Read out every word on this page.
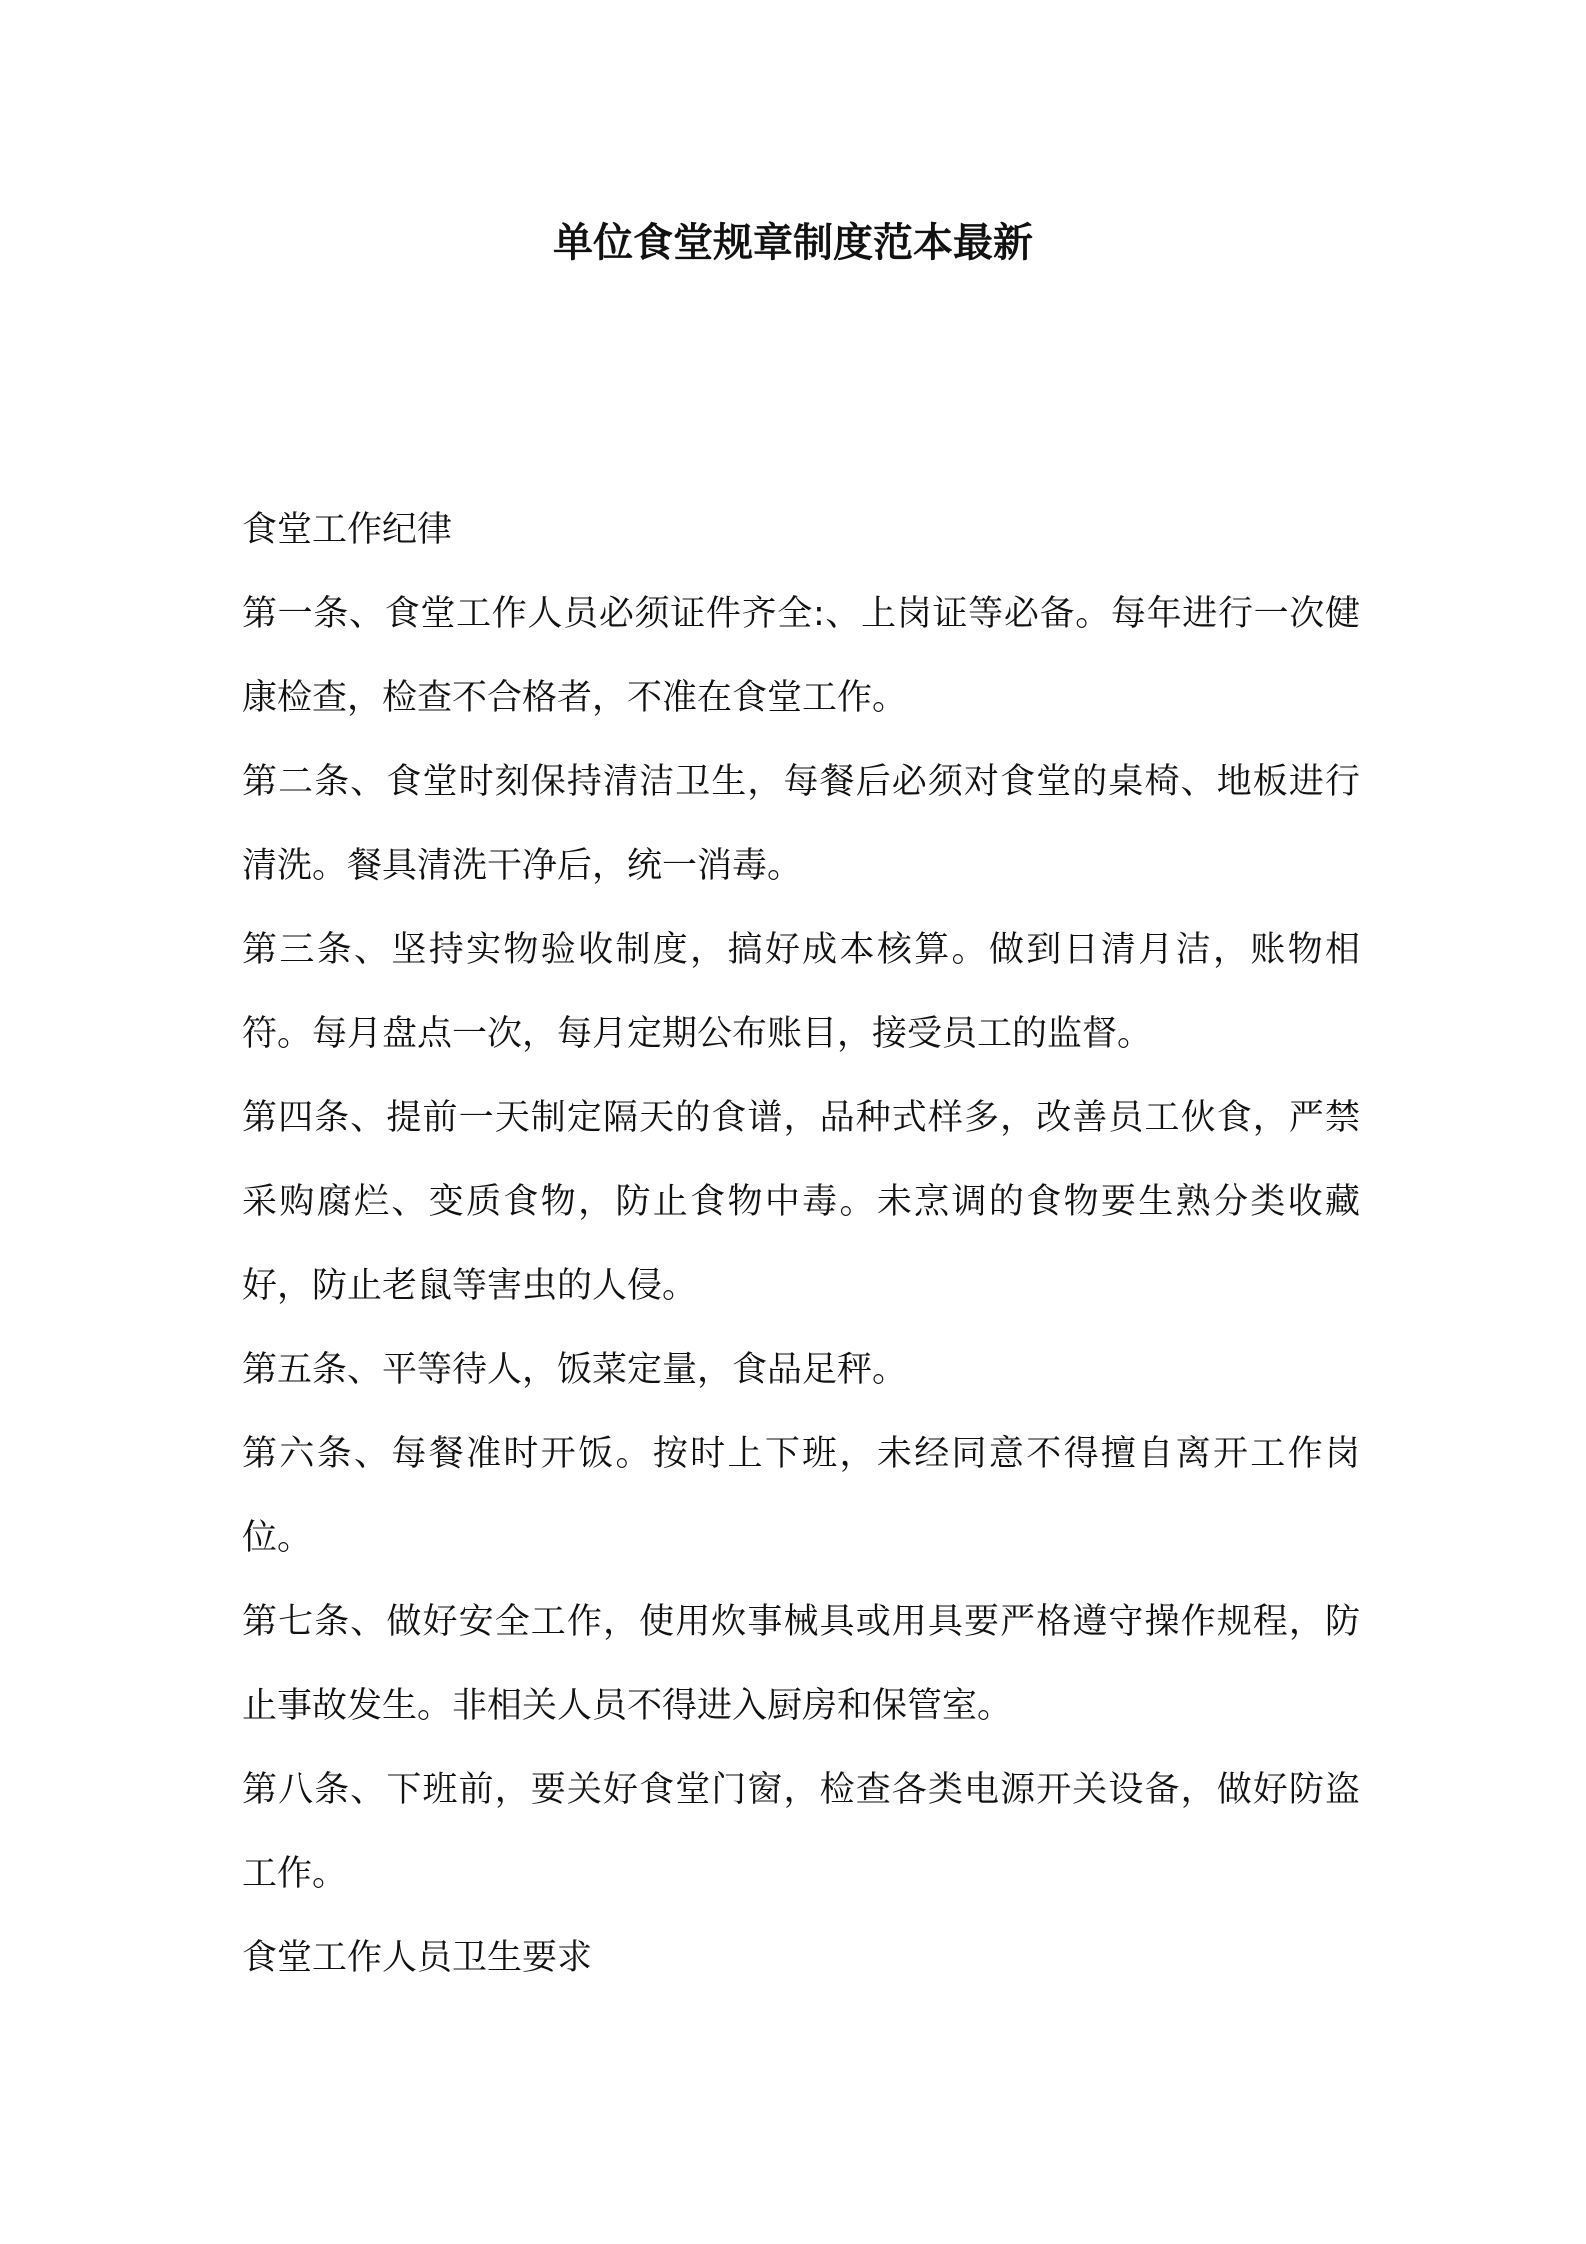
单位食堂规章制度范本最新

食堂工作纪律

第一条、食堂工作人员必须证件齐全:、上岗证等必备。每年进行一次健康检查，检查不合格者，不准在食堂工作。

第二条、食堂时刻保持清洁卫生，每餐后必须对食堂的桌椅、地板进行清洗。餐具清洗干净后，统一消毒。

第三条、坚持实物验收制度，搞好成本核算。做到日清月洁，账物相符。每月盘点一次，每月定期公布账目，接受员工的监督。

第四条、提前一天制定隔天的食谱，品种式样多，改善员工伙食，严禁采购腐烂、变质食物，防止食物中毒。未烹调的食物要生熟分类收藏好，防止老鼠等害虫的人侵。

第五条、平等待人，饭菜定量，食品足秤。

第六条、每餐准时开饭。按时上下班，未经同意不得擅自离开工作岗位。

第七条、做好安全工作，使用炊事械具或用具要严格遵守操作规程，防止事故发生。非相关人员不得进入厨房和保管室。

第八条、下班前，要关好食堂门窗，检查各类电源开关设备，做好防盗工作。

食堂工作人员卫生要求
